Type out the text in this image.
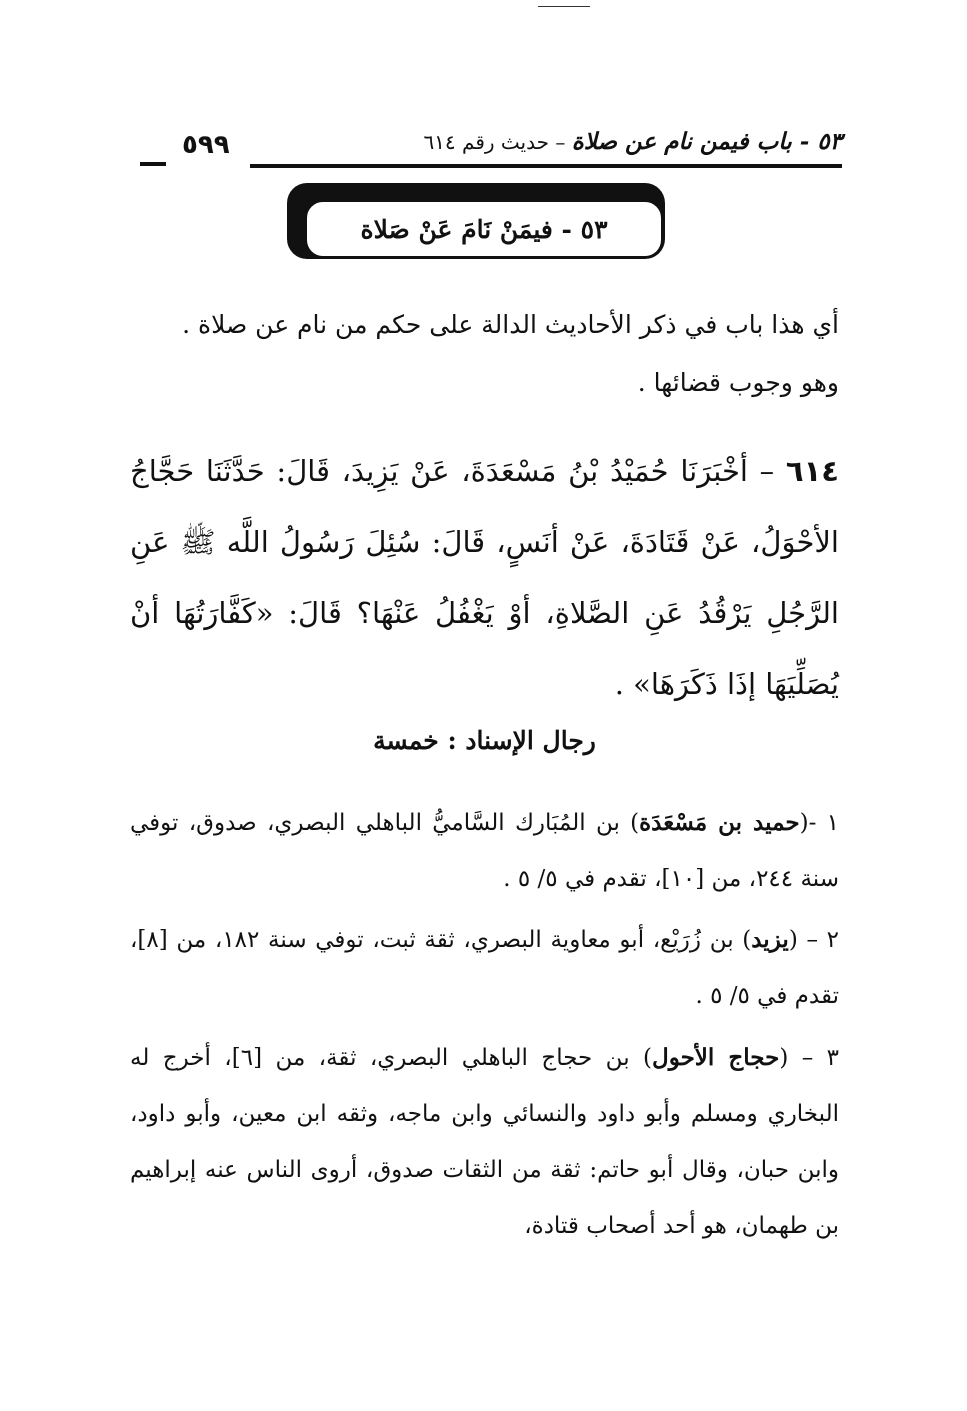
٥٩٩	٥٣ - باب فيمن نام عن صلاة – حديث رقم ٦١٤
٥٣ - فيمَنْ نَامَ عَنْ صَلاة
أي هذا باب في ذكر الأحاديث الدالة على حكم من نام عن صلاة .
وهو وجوب قضائها .
٦١٤ – أخْبَرَنَا حُمَيْدُ بْنُ مَسْعَدَةَ، عَنْ يَزِيدَ، قَالَ: حَدَّثَنَا حَجَّاجُ الأحْوَلُ، عَنْ قَتَادَةَ، عَنْ أنَسٍ، قَالَ: سُئِلَ رَسُولُ اللَّه ﷺ عَنِ الرَّجُلِ يَرْقُدُ عَنِ الصَّلاةِ، أوْ يَغْفُلُ عَنْهَا؟ قَالَ: «كَفَّارَتُهَا أنْ يُصَلِّيَهَا إذَا ذَكَرَهَا» .
رجال الإسناد : خمسة
١ -(حميد بن مَسْعَدَة) بن المُبَارك السَّاميُّ الباهلي البصري، صدوق، توفي سنة ٢٤٤، من [١٠]، تقدم في ٥/ ٥ .
٢ – (يزيد) بن زُرَيْع، أبو معاوية البصري، ثقة ثبت، توفي سنة ١٨٢، من [٨]، تقدم في ٥/ ٥ .
٣ – (حجاج الأحول) بن حجاج الباهلي البصري، ثقة، من [٦]، أخرج له البخاري ومسلم وأبو داود والنسائي وابن ماجه، وثقه ابن معين، وأبو داود، وابن حبان، وقال أبو حاتم: ثقة من الثقات صدوق، أروى الناس عنه إبراهيم بن طهمان، هو أحد أصحاب قتادة،
